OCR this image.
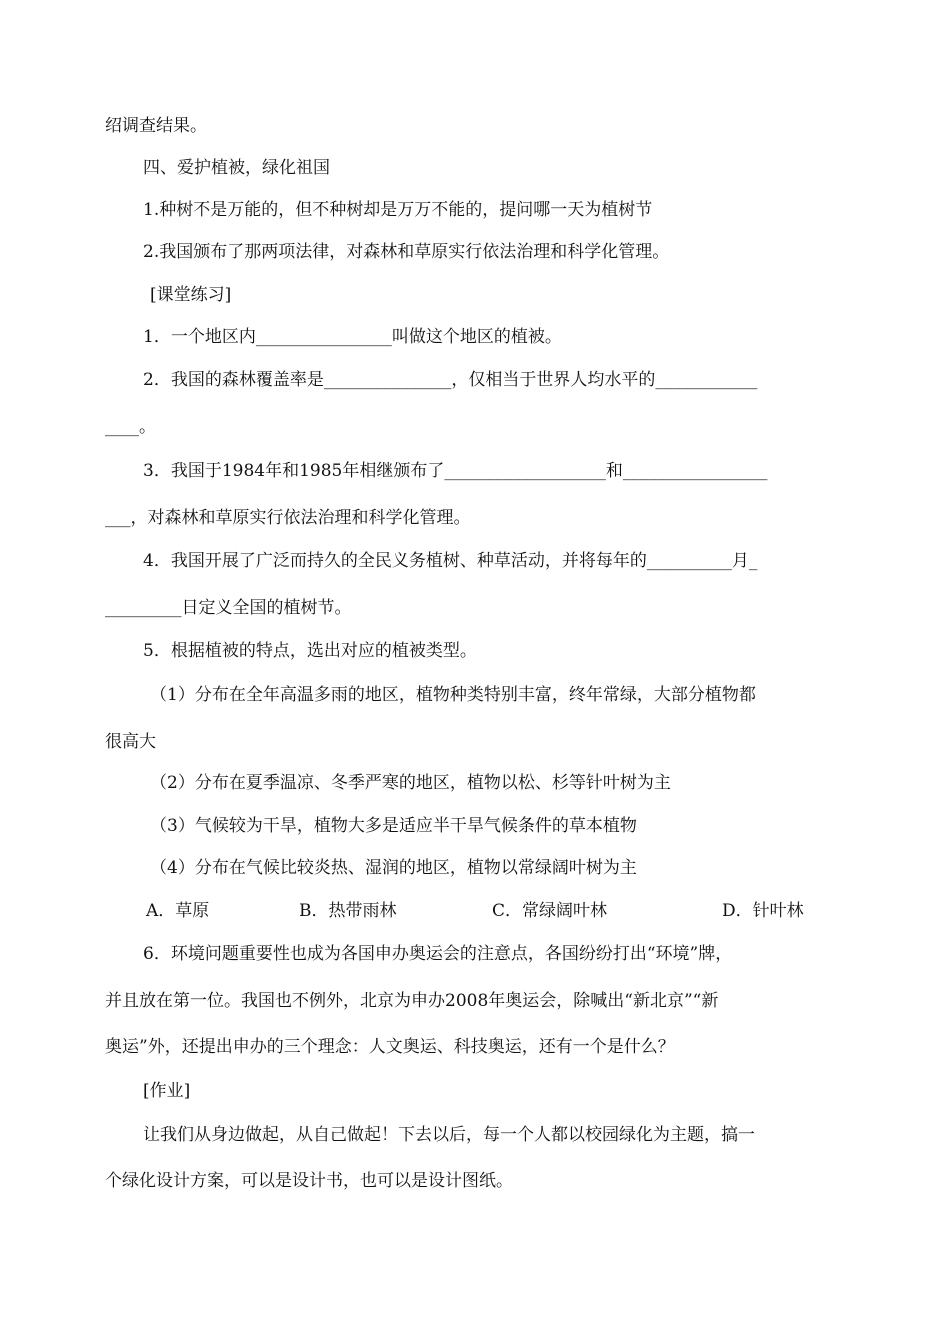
绍调查结果。
四、爱护植被，绿化祖国
1.种树不是万能的，但不种树却是万万不能的，提问哪一天为植树节
2.我国颁布了那两项法律，对森林和草原实行依法治理和科学化管理。
[课堂练习]
1．一个地区内________________叫做这个地区的植被。
2．我国的森林覆盖率是_______________，仅相当于世界人均水平的____________
____。
3．我国于1984年和1985年相继颁布了___________________和_________________
___，对森林和草原实行依法治理和科学化管理。
4．我国开展了广泛而持久的全民义务植树、种草活动，并将每年的__________月_
_________日定义全国的植树节。
5．根据植被的特点，选出对应的植被类型。
（1）分布在全年高温多雨的地区，植物种类特别丰富，终年常绿，大部分植物都
很高大
（2）分布在夏季温凉、冬季严寒的地区，植物以松、杉等针叶树为主
（3）气候较为干旱，植物大多是适应半干旱气候条件的草本植物
（4）分布在气候比较炎热、湿润的地区，植物以常绿阔叶树为主
A．草原	B．热带雨林	C．常绿阔叶林	D．针叶林
6．环境问题重要性也成为各国申办奥运会的注意点，各国纷纷打出“环境”牌，
并且放在第一位。我国也不例外，北京为申办2008年奥运会，除喊出“新北京”“新
奥运”外，还提出申办的三个理念：人文奥运、科技奥运，还有一个是什么？
[作业]
让我们从身边做起，从自己做起！下去以后，每一个人都以校园绿化为主题，搞一
个绿化设计方案，可以是设计书，也可以是设计图纸。
